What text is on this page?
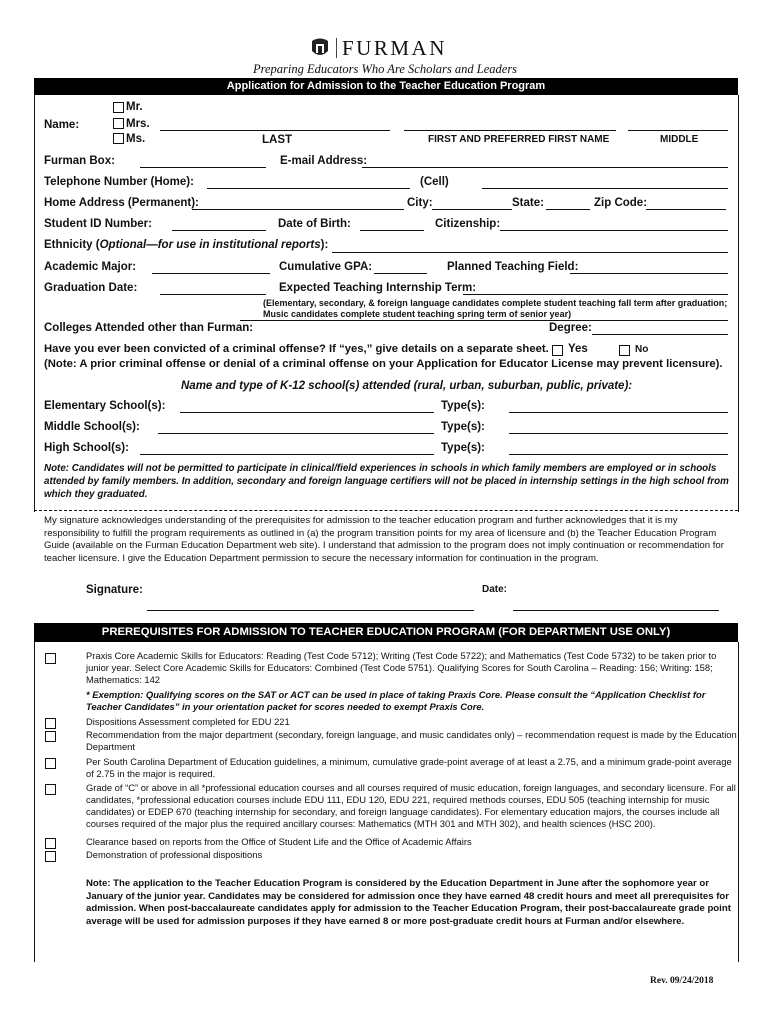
FURMAN
Preparing Educators Who Are Scholars and Leaders
Application for Admission to the Teacher Education Program
Name:
Mr.
Mrs.
Ms.	LAST	FIRST AND PREFERRED FIRST NAME	MIDDLE
Furman Box:	E-mail Address:
Telephone Number (Home):	(Cell)
Home Address (Permanent):	City:	State:	Zip Code:
Student ID Number:	Date of Birth:	Citizenship:
Ethnicity (Optional—for use in institutional reports):
Academic Major:	Cumulative GPA:	Planned Teaching Field:
Graduation Date:	Expected Teaching Internship Term:
(Elementary, secondary, & foreign language candidates complete student teaching fall term after graduation;
Music candidates complete student teaching spring term of senior year)
Colleges Attended other than Furman:	Degree:
Have you ever been convicted of a criminal offense? If “yes,” give details on a separate sheet. Yes	No
(Note: A prior criminal offense or denial of a criminal offense on your Application for Educator License may prevent licensure).
Name and type of K-12 school(s) attended (rural, urban, suburban, public, private):
Elementary School(s):	Type(s):
Middle School(s):	Type(s):
High School(s):	Type(s):
Note: Candidates will not be permitted to participate in clinical/field experiences in schools in which family members are employed or in schools attended by family members. In addition, secondary and foreign language certifiers will not be placed in internship settings in the high school from which they graduated.
My signature acknowledges understanding of the prerequisites for admission to the teacher education program and further acknowledges that it is my responsibility to fulfill the program requirements as outlined in (a) the program transition points for my area of licensure and (b) the Teacher Education Program Guide (available on the Furman Education Department web site). I understand that admission to the program does not imply continuation or recommendation for teacher licensure. I give the Education Department permission to secure the necessary information for continuation in the program.
Signature:	Date:
PREREQUISITES FOR ADMISSION TO TEACHER EDUCATION PROGRAM (FOR DEPARTMENT USE ONLY)
Praxis Core Academic Skills for Educators: Reading (Test Code 5712); Writing (Test Code 5722); and Mathematics (Test Code 5732) to be taken prior to junior year. Select Core Academic Skills for Educators: Combined (Test Code 5751). Qualifying Scores for South Carolina – Reading: 156; Writing: 158; Mathematics: 142
* Exemption: Qualifying scores on the SAT or ACT can be used in place of taking Praxis Core. Please consult the “Application Checklist for Teacher Candidates” in your orientation packet for scores needed to exempt Praxis Core.
Dispositions Assessment completed for EDU 221
Recommendation from the major department (secondary, foreign language, and music candidates only) – recommendation request is made by the Education Department
Per South Carolina Department of Education guidelines, a minimum, cumulative grade-point average of at least a 2.75, and a minimum grade-point average of 2.75 in the major is required.
Grade of “C” or above in all *professional education courses and all courses required of music education, foreign languages, and secondary licensure. For all candidates, *professional education courses include EDU 111, EDU 120, EDU 221, required methods courses, EDU 505 (teaching internship for music candidates) or EDEP 670 (teaching internship for secondary, and foreign language candidates). For elementary education majors, the courses include all courses required of the major plus the required ancillary courses: Mathematics (MTH 301 and MTH 302), and health sciences (HSC 200).
Clearance based on reports from the Office of Student Life and the Office of Academic Affairs
Demonstration of professional dispositions
Note: The application to the Teacher Education Program is considered by the Education Department in June after the sophomore year or January of the junior year. Candidates may be considered for admission once they have earned 48 credit hours and meet all prerequisites for admission. When post-baccalaureate candidates apply for admission to the Teacher Education Program, their post-baccalaureate grade point average will be used for admission purposes if they have earned 8 or more post-graduate credit hours at Furman and/or elsewhere.
Rev. 09/24/2018
